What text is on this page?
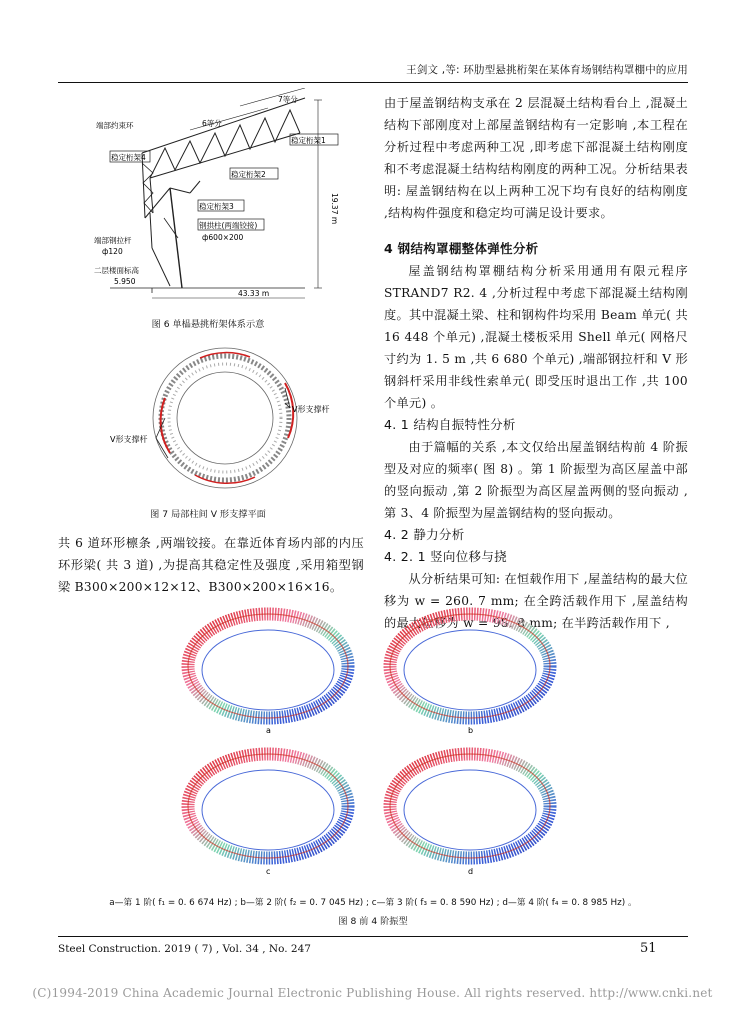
王剑文 ,等: 环肋型悬挑桁架在某体育场钢结构罩棚中的应用
端部约束环
稳定桁架4
稳定桁架1
稳定桁架2
稳定桁架3
6等分
7等分
19.37 m
钢拱柱(两端铰接)
ф600×200
端部钢拉杆
ф120
二层楼面标高
5.950
43.33 m
图 6 单榀悬挑桁架体系示意
V形支撑杆
V形支撑杆
图 7 局部柱间 V 形支撑平面

共 6 道环形檩条 ,两端铰接。在靠近体育场内部的内压环形梁( 共 3 道) ,为提高其稳定性及强度 ,采用箱型钢梁 B300×200×12×12、B300×200×16×16。

由于屋盖钢结构支承在 2 层混凝土结构看台上 ,混凝土结构下部刚度对上部屋盖钢结构有一定影响 ,本工程在分析过程中考虑两种工况 ,即考虑下部混凝土结构刚度和不考虑混凝土结构结构刚度的两种工况。分析结果表明: 屋盖钢结构在以上两种工况下均有良好的结构刚度 ,结构构件强度和稳定均可满足设计要求。

4 钢结构罩棚整体弹性分析

屋盖钢结构罩棚结构分析采用通用有限元程序 STRAND7 R2. 4 ,分析过程中考虑下部混凝土结构刚度。其中混凝土梁、柱和钢构件均采用 Beam 单元( 共 16 448 个单元) ,混凝土楼板采用 Shell 单元( 网格尺寸约为 1. 5 m ,共 6 680 个单元) ,端部钢拉杆和 V 形钢斜杆采用非线性索单元( 即受压时退出工作 ,共 100 个单元) 。

4. 1 结构自振特性分析

由于篇幅的关系 ,本文仅给出屋盖钢结构前 4 阶振型及对应的频率( 图 8) 。第 1 阶振型为高区屋盖中部的竖向振动 ,第 2 阶振型为高区屋盖两侧的竖向振动 ,第 3、4 阶振型为屋盖钢结构的竖向振动。

4. 2 静力分析
4. 2. 1 竖向位移与挠

从分析结果可知: 在恒载作用下 ,屋盖结构的最大位移为 w = 260. 7 mm; 在全跨活载作用下 ,屋盖结构的最大位移为 w = 98. 8 mm; 在半跨活载作用下 ,

a	b
c	d
a—第 1 阶( f₁ = 0. 6 674 Hz) ; b—第 2 阶( f₂ = 0. 7 045 Hz) ; c—第 3 阶( f₃ = 0. 8 590 Hz) ; d—第 4 阶( f₄ = 0. 8 985 Hz) 。
图 8 前 4 阶振型
Steel Construction. 2019 ( 7) , Vol. 34 , No. 247	51
(C)1994-2019 China Academic Journal Electronic Publishing House. All rights reserved. http://www.cnki.net
